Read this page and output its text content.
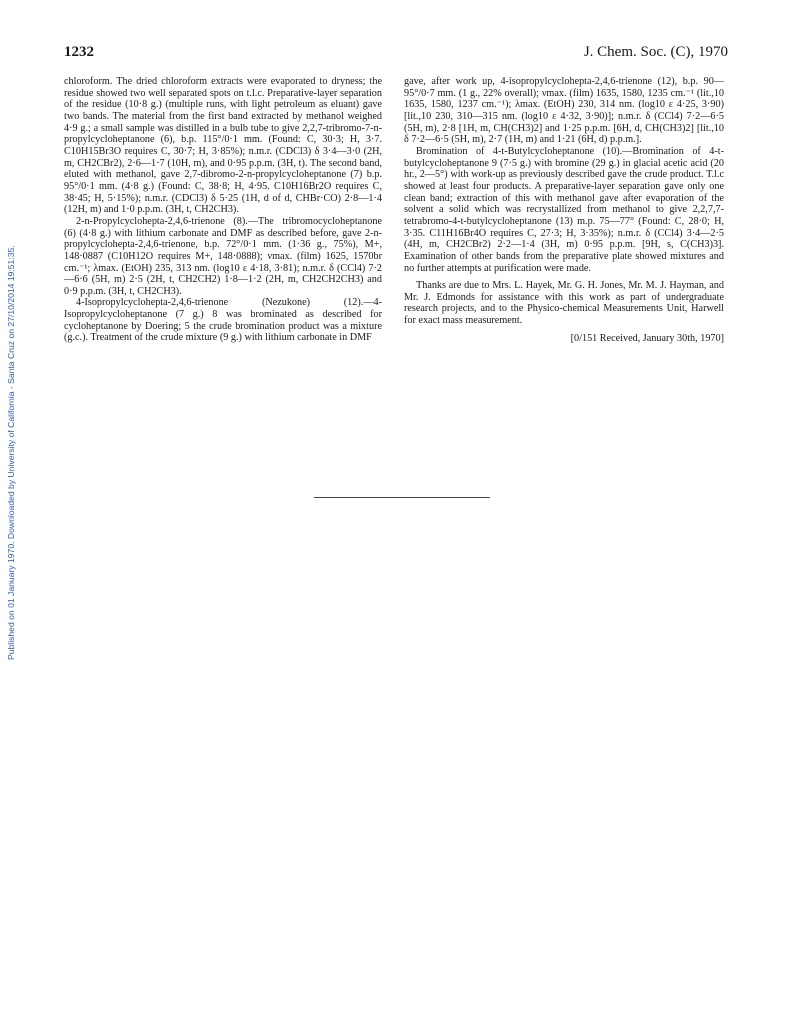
1232	J. Chem. Soc. (C), 1970
Published on 01 January 1970. Downloaded by University of California - Santa Cruz on 27/10/2014 19:51:35.

chloroform. The dried chloroform extracts were evaporated to dryness; the residue showed two well separated spots on t.l.c. Preparative-layer separation of the residue (10·8 g.) (multiple runs, with light petroleum as eluant) gave two bands. The material from the first band extracted by methanol weighed 4·9 g.; a small sample was distilled in a bulb tube to give 2,2,7-tribromo-7-n-propylcycloheptanone (6), b.p. 115°/0·1 mm. (Found: C, 30·3; H, 3·7. C10H15Br3O requires C, 30·7; H, 3·85%); n.m.r. (CDCl3) δ 3·4—3·0 (2H, m, CH2CBr2), 2·6—1·7 (10H, m), and 0·95 p.p.m. (3H, t). The second band, eluted with methanol, gave 2,7-dibromo-2-n-propylcycloheptanone (7) b.p. 95°/0·1 mm. (4·8 g.) (Found: C, 38·8; H, 4·95. C10H16Br2O requires C, 38·45; H, 5·15%); n.m.r. (CDCl3) δ 5·25 (1H, d of d, CHBr·CO) 2·8—1·4 (12H, m) and 1·0 p.p.m. (3H, t, CH2CH3).

2-n-Propylcyclohepta-2,4,6-trienone (8).—The tribromocycloheptanone (6) (4·8 g.) with lithium carbonate and DMF as described before, gave 2-n-propylcyclohepta-2,4,6-trienone, b.p. 72°/0·1 mm. (1·36 g., 75%), M+, 148·0887 (C10H12O requires M+, 148·0888); νmax. (film) 1625, 1570br cm.⁻¹; λmax. (EtOH) 235, 313 nm. (log10 ε 4·18, 3·81); n.m.r. δ (CCl4) 7·2—6·6 (5H, m) 2·5 (2H, t, CH2CH2) 1·8—1·2 (2H, m, CH2CH2CH3) and 0·9 p.p.m. (3H, t, CH2CH3).

4-Isopropylcyclohepta-2,4,6-trienone (Nezukone) (12).—4-Isopropylcycloheptanone (7 g.) 8 was brominated as described for cycloheptanone by Doering; 5 the crude bromination product was a mixture (g.c.). Treatment of the crude mixture (9 g.) with lithium carbonate in DMF

gave, after work up, 4-isopropylcyclohepta-2,4,6-trienone (12), b.p. 90—95°/0·7 mm. (1 g., 22% overall); νmax. (film) 1635, 1580, 1235 cm.⁻¹ (lit.,10 1635, 1580, 1237 cm.⁻¹); λmax. (EtOH) 230, 314 nm. (log10 ε 4·25, 3·90) [lit.,10 230, 310—315 nm. (log10 ε 4·32, 3·90)]; n.m.r. δ (CCl4) 7·2—6·5 (5H, m), 2·8 [1H, m, CH(CH3)2] and 1·25 p.p.m. [6H, d, CH(CH3)2] [lit.,10 δ 7·2—6·5 (5H, m), 2·7 (1H, m) and 1·21 (6H, d) p.p.m.].

Bromination of 4-t-Butylcycloheptanone (10).—Bromination of 4-t-butylcycloheptanone 9 (7·5 g.) with bromine (29 g.) in glacial acetic acid (20 hr., 2—5°) with work-up as previously described gave the crude product. T.l.c showed at least four products. A preparative-layer separation gave only one clean band; extraction of this with methanol gave after evaporation of the solvent a solid which was recrystallized from methanol to give 2,2,7,7-tetrabromo-4-t-butylcycloheptanone (13) m.p. 75—77° (Found: C, 28·0; H, 3·35. C11H16Br4O requires C, 27·3; H, 3·35%); n.m.r. δ (CCl4) 3·4—2·5 (4H, m, CH2CBr2) 2·2—1·4 (3H, m) 0·95 p.p.m. [9H, s, C(CH3)3]. Examination of other bands from the preparative plate showed mixtures and no further attempts at purification were made.

Thanks are due to Mrs. L. Hayek, Mr. G. H. Jones, Mr. M. J. Hayman, and Mr. J. Edmonds for assistance with this work as part of undergraduate research projects, and to the Physico-chemical Measurements Unit, Harwell for exact mass measurement.

[0/151 Received, January 30th, 1970]
